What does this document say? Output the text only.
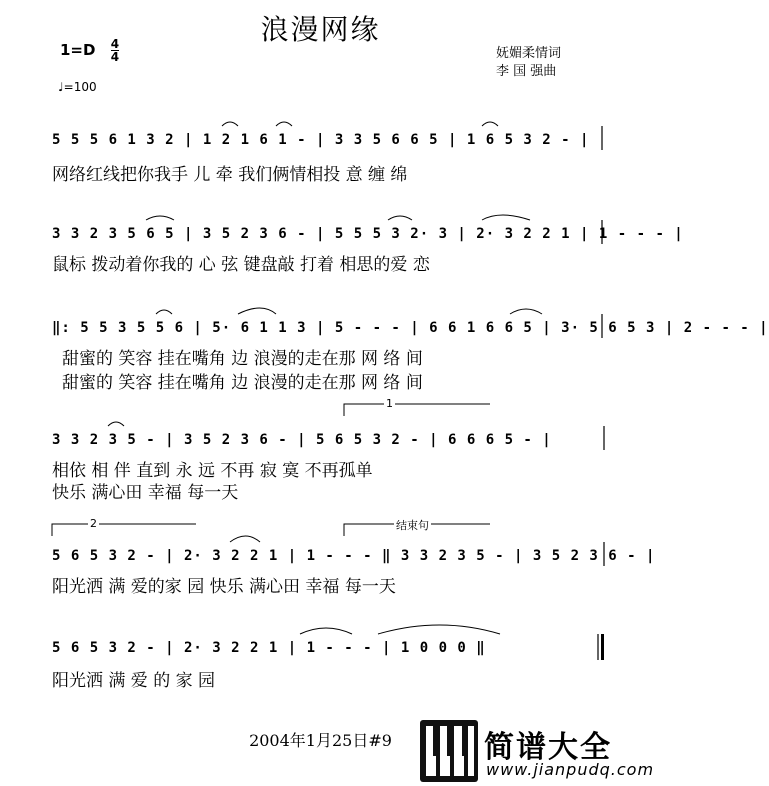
浪漫网缘
$1=D \frac{4}{4}$
♩=100
妩媚柔情词
李 国 强曲
5 5 5 6 1 3 2 | 1 2 1 6 1 - | 3 3 5 6 6 5 | 1 6 5 3 2 - |
网络红线把你我手 儿 牵 我们俩情相投 意 缠 绵
3 3 2 3 5 6 5 | 3 5 2 3 6 - | 5 5 5 3 2· 3 | 2· 3 2 2 1 | 1 - - - |
鼠标 拨动着你我的 心 弦 键盘敲 打着 相思的爱 恋
‖: 5 5 3 5 5 6 | 5· 6 1 1 3 | 5 - - - | 6 6 1 6 6 5 | 3· 5 6 5 3 | 2 - - - |
甜蜜的 笑容 挂在嘴角 边 浪漫的走在那 网 络 间
甜蜜的 笑容 挂在嘴角 边 浪漫的走在那 网 络 间
3 3 2 3 5 - | 3 5 2 3 6 - | 5 6 5 3 2 - | 6 6 6 5 - |
相依 相 伴 直到 永 远 不再 寂 寞 不再孤单
快乐 满心田 幸福 每一天
5 6 5 3 2 - | 2· 3 2 2 1 | 1 - - - ‖ 3 3 2 3 5 - | 3 5 2 3 6 - |
阳光洒 满 爱的家 园 快乐 满心田 幸福 每一天
5 6 5 3 2 - | 2· 3 2 2 1 | 1 - - - | 1 0 0 0 ‖
阳光洒 满 爱 的 家 园
1
2	结束句
2004年1月25日#9	简谱大全
www.jianpudq.com
